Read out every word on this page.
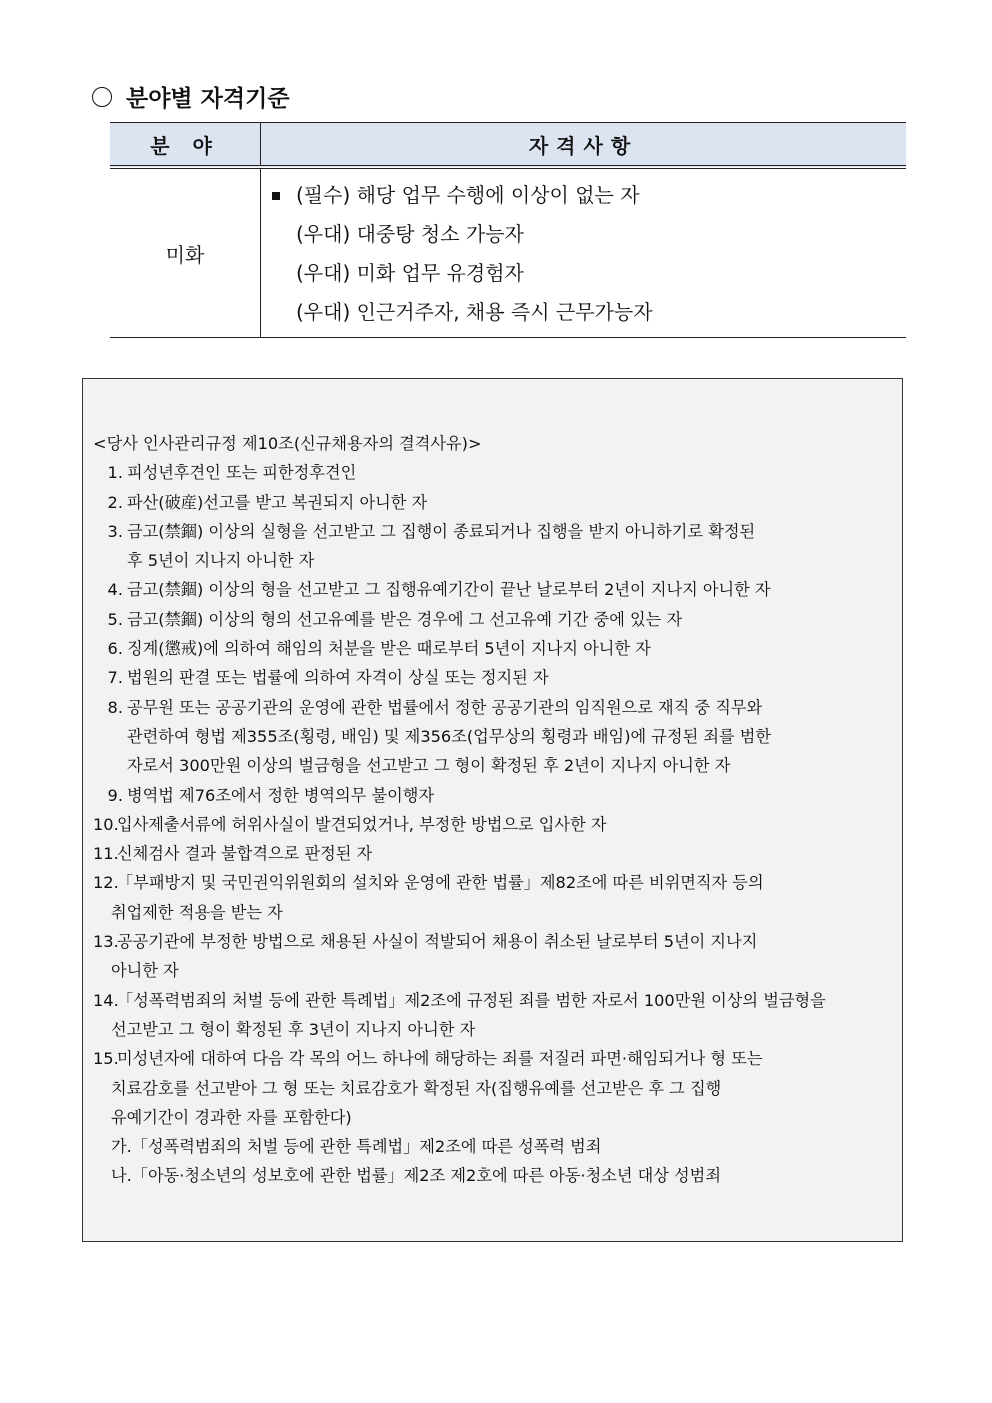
분야별 자격기준
분 야	자격사항
미화	(필수) 해당 업무 수행에 이상이 없는 자
(우대) 대중탕 청소 가능자
(우대) 미화 업무 유경험자
(우대) 인근거주자, 채용 즉시 근무가능자
<당사 인사관리규정 제10조(신규채용자의 결격사유)>
1. 피성년후견인 또는 피한정후견인
2. 파산(破産)선고를 받고 복권되지 아니한 자
3. 금고(禁錮) 이상의 실형을 선고받고 그 집행이 종료되거나 집행을 받지 아니하기로 확정된
후 5년이 지나지 아니한 자
4. 금고(禁錮) 이상의 형을 선고받고 그 집행유예기간이 끝난 날로부터 2년이 지나지 아니한 자
5. 금고(禁錮) 이상의 형의 선고유예를 받은 경우에 그 선고유예 기간 중에 있는 자
6. 징계(懲戒)에 의하여 해임의 처분을 받은 때로부터 5년이 지나지 아니한 자
7. 법원의 판결 또는 법률에 의하여 자격이 상실 또는 정지된 자
8. 공무원 또는 공공기관의 운영에 관한 법률에서 정한 공공기관의 임직원으로 재직 중 직무와
관련하여 형법 제355조(횡령, 배임) 및 제356조(업무상의 횡령과 배임)에 규정된 죄를 범한
자로서 300만원 이상의 벌금형을 선고받고 그 형이 확정된 후 2년이 지나지 아니한 자
9. 병역법 제76조에서 정한 병역의무 불이행자
10.
입사제출서류에 허위사실이 발견되었거나, 부정한 방법으로 입사한 자
11.
신체검사 결과 불합격으로 판정된 자
12.
「부패방지 및 국민권익위원회의 설치와 운영에 관한 법률」제82조에 따른 비위면직자 등의
취업제한 적용을 받는 자
13.
공공기관에 부정한 방법으로 채용된 사실이 적발되어 채용이 취소된 날로부터 5년이 지나지
아니한 자
14.
「성폭력범죄의 처벌 등에 관한 특례법」제2조에 규정된 죄를 범한 자로서 100만원 이상의 벌금형을
선고받고 그 형이 확정된 후 3년이 지나지 아니한 자
15.
미성년자에 대하여 다음 각 목의 어느 하나에 해당하는 죄를 저질러 파면·해임되거나 형 또는
치료감호를 선고받아 그 형 또는 치료감호가 확정된 자(집행유예를 선고받은 후 그 집행
유예기간이 경과한 자를 포함한다)
가.「성폭력범죄의 처벌 등에 관한 특례법」제2조에 따른 성폭력 범죄
나.「아동·청소년의 성보호에 관한 법률」제2조 제2호에 따른 아동·청소년 대상 성범죄
